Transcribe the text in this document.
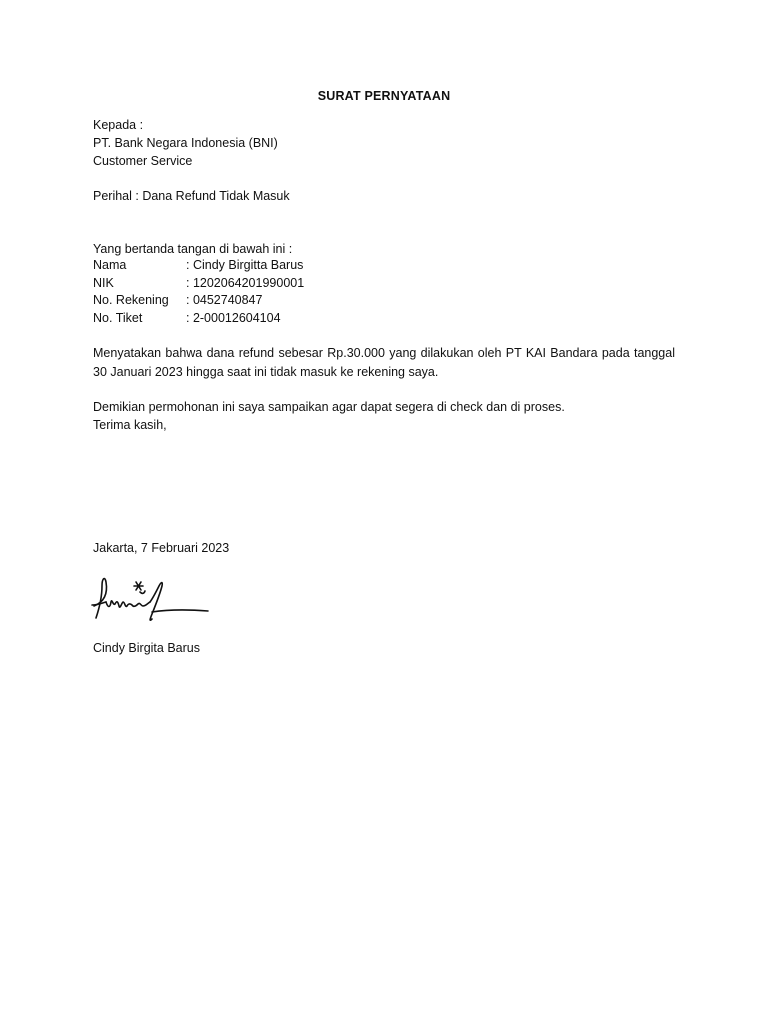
SURAT PERNYATAAN
Kepada :
PT. Bank Negara Indonesia (BNI)
Customer Service
Perihal : Dana Refund Tidak Masuk
Yang bertanda tangan di bawah ini :
Nama	: Cindy Birgitta Barus
NIK	: 1202064201990001
No. Rekening	: 0452740847
No. Tiket	: 2-00012604104
Menyatakan bahwa dana refund sebesar Rp.30.000 yang dilakukan oleh PT KAI Bandara pada tanggal 30 Januari 2023 hingga saat ini tidak masuk ke rekening saya.
Demikian permohonan ini saya sampaikan agar dapat segera di check dan di proses.
Terima kasih,
Jakarta, 7 Februari 2023
Cindy Birgita Barus
